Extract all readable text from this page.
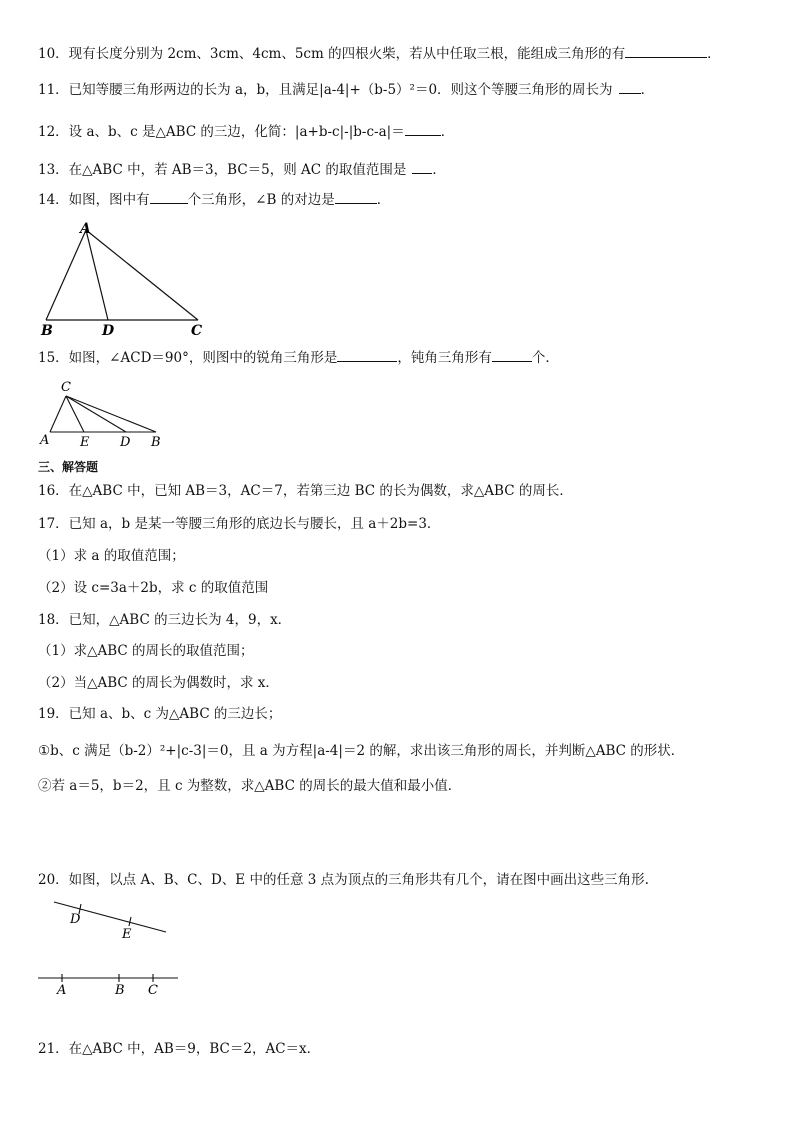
10．现有长度分别为 2cm、3cm、4cm、5cm 的四根火柴，若从中任取三根，能组成三角形的有	．
11．已知等腰三角形两边的长为 a，b，且满足|a-4|+（b-5）²＝0．则这个等腰三角形的周长为 ．
12．设 a、b、c 是△ABC 的三边，化简：|a+b-c|-|b-c-a|＝	．
13．在△ABC 中，若 AB＝3，BC＝5，则 AC 的取值范围是 ．
14．如图，图中有	个三角形，∠B 的对边是	．
A
B	D	C
15．如图，∠ACD＝90°，则图中的锐角三角形是	，钝角三角形有	个．
C
A E D B
三、解答题
16．在△ABC 中，已知 AB＝3，AC＝7，若第三边 BC 的长为偶数，求△ABC 的周长．
17．已知 a，b 是某一等腰三角形的底边长与腰长，且 a＋2b=3．
（1）求 a 的取值范围；
（2）设 c=3a＋2b，求 c 的取值范围
18．已知，△ABC 的三边长为 4，9，x．
（1）求△ABC 的周长的取值范围；
（2）当△ABC 的周长为偶数时，求 x．
19．已知 a、b、c 为△ABC 的三边长；
①b、c 满足（b-2）²+|c-3|＝0，且 a 为方程|a-4|＝2 的解，求出该三角形的周长，并判断△ABC 的形状．
②若 a＝5，b＝2，且 c 为整数，求△ABC 的周长的最大值和最小值．
20．如图，以点 A、B、C、D、E 中的任意 3 点为顶点的三角形共有几个，请在图中画出这些三角形.
D
E
A	B C
21．在△ABC 中，AB＝9，BC＝2，AC＝x．
